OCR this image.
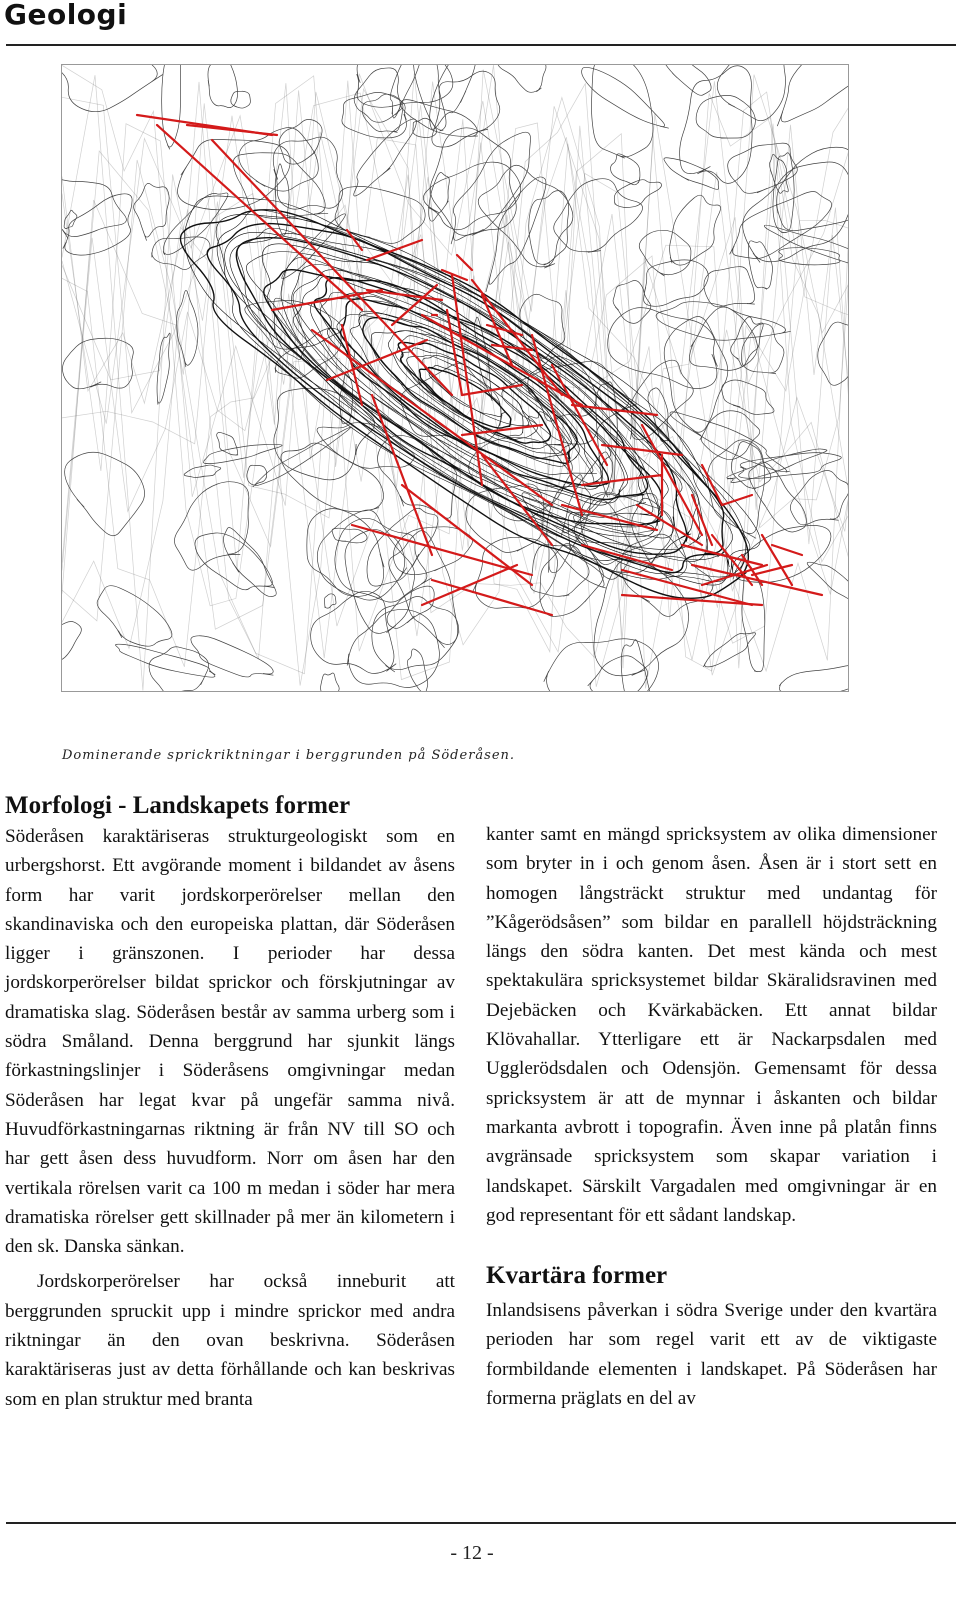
Geologi
Dominerande sprickriktningar i berggrunden på Söderåsen.
Morfologi - Landskapets former

Söderåsen karaktäriseras strukturgeologiskt som en urbergshorst. Ett avgörande moment i bildandet av åsens form har varit jordskorperörelser mellan den skandinaviska och den europeiska plattan, där Söderåsen ligger i gränszonen. I perioder har dessa jordskorperörelser bildat sprickor och förskjutningar av dramatiska slag. Söderåsen består av samma urberg som i södra Småland. Denna berggrund har sjunkit längs förkastningslinjer i Söderåsens omgivningar medan Söderåsen har legat kvar på ungefär samma nivå. Huvudförkastningarnas riktning är från NV till SO och har gett åsen dess huvudform. Norr om åsen har den vertikala rörelsen varit ca 100 m medan i söder har mera dramatiska rörelser gett skillnader på mer än kilometern i den sk. Danska sänkan.

Jordskorperörelser har också inneburit att berggrunden spruckit upp i mindre sprickor med andra riktningar än den ovan beskrivna. Söderåsen karaktäriseras just av detta förhållande och kan beskrivas som en plan struktur med branta

kanter samt en mängd spricksystem av olika dimensioner som bryter in i och genom åsen. Åsen är i stort sett en homogen långsträckt struktur med undantag för ”Kågerödsåsen” som bildar en parallell höjdsträckning längs den södra kanten. Det mest kända och mest spektakulära spricksystemet bildar Skäralidsravinen med Dejebäcken och Kvärkabäcken. Ett annat bildar Klövahallar. Ytterligare ett är Nackarpsdalen med Ugglerödsdalen och Odensjön. Gemensamt för dessa spricksystem är att de mynnar i åskanten och bildar markanta avbrott i topografin. Även inne på platån finns avgränsade spricksystem som skapar variation i landskapet. Särskilt Vargadalen med omgivningar är en god representant för ett sådant landskap.

Kvartära former

Inlandsisens påverkan i södra Sverige under den kvartära perioden har som regel varit ett av de viktigaste formbildande elementen i landskapet. På Söderåsen har formerna präglats en del av

- 12 -
